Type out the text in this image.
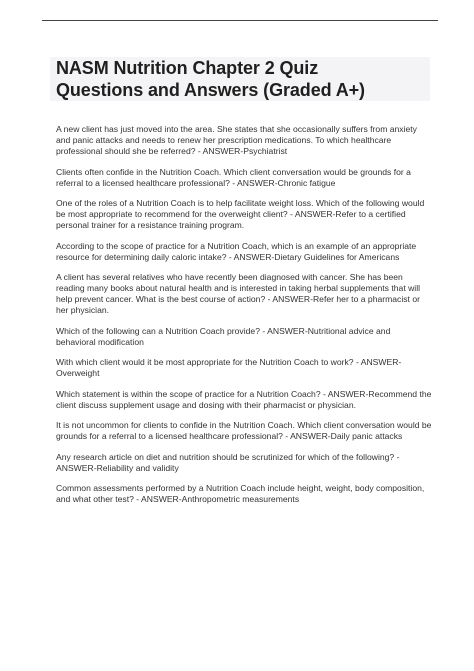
NASM Nutrition Chapter 2 Quiz
Questions and Answers (Graded A+)

A new client has just moved into the area. She states that she occasionally suffers from anxiety and panic attacks and needs to renew her prescription medications. To which healthcare professional should she be referred? - ANSWER-Psychiatrist

Clients often confide in the Nutrition Coach. Which client conversation would be grounds for a referral to a licensed healthcare professional? - ANSWER-Chronic fatigue

One of the roles of a Nutrition Coach is to help facilitate weight loss. Which of the following would be most appropriate to recommend for the overweight client? - ANSWER-Refer to a certified personal trainer for a resistance training program.

According to the scope of practice for a Nutrition Coach, which is an example of an appropriate resource for determining daily caloric intake? - ANSWER-Dietary Guidelines for Americans

A client has several relatives who have recently been diagnosed with cancer. She has been reading many books about natural health and is interested in taking herbal supplements that will help prevent cancer. What is the best course of action? - ANSWER-Refer her to a pharmacist or her physician.

Which of the following can a Nutrition Coach provide? - ANSWER-Nutritional advice and behavioral modification

With which client would it be most appropriate for the Nutrition Coach to work? - ANSWER-Overweight

Which statement is within the scope of practice for a Nutrition Coach? - ANSWER-Recommend the client discuss supplement usage and dosing with their pharmacist or physician.

It is not uncommon for clients to confide in the Nutrition Coach. Which client conversation would be grounds for a referral to a licensed healthcare professional? - ANSWER-Daily panic attacks

Any research article on diet and nutrition should be scrutinized for which of the following? - ANSWER-Reliability and validity

Common assessments performed by a Nutrition Coach include height, weight, body composition, and what other test? - ANSWER-Anthropometric measurements
